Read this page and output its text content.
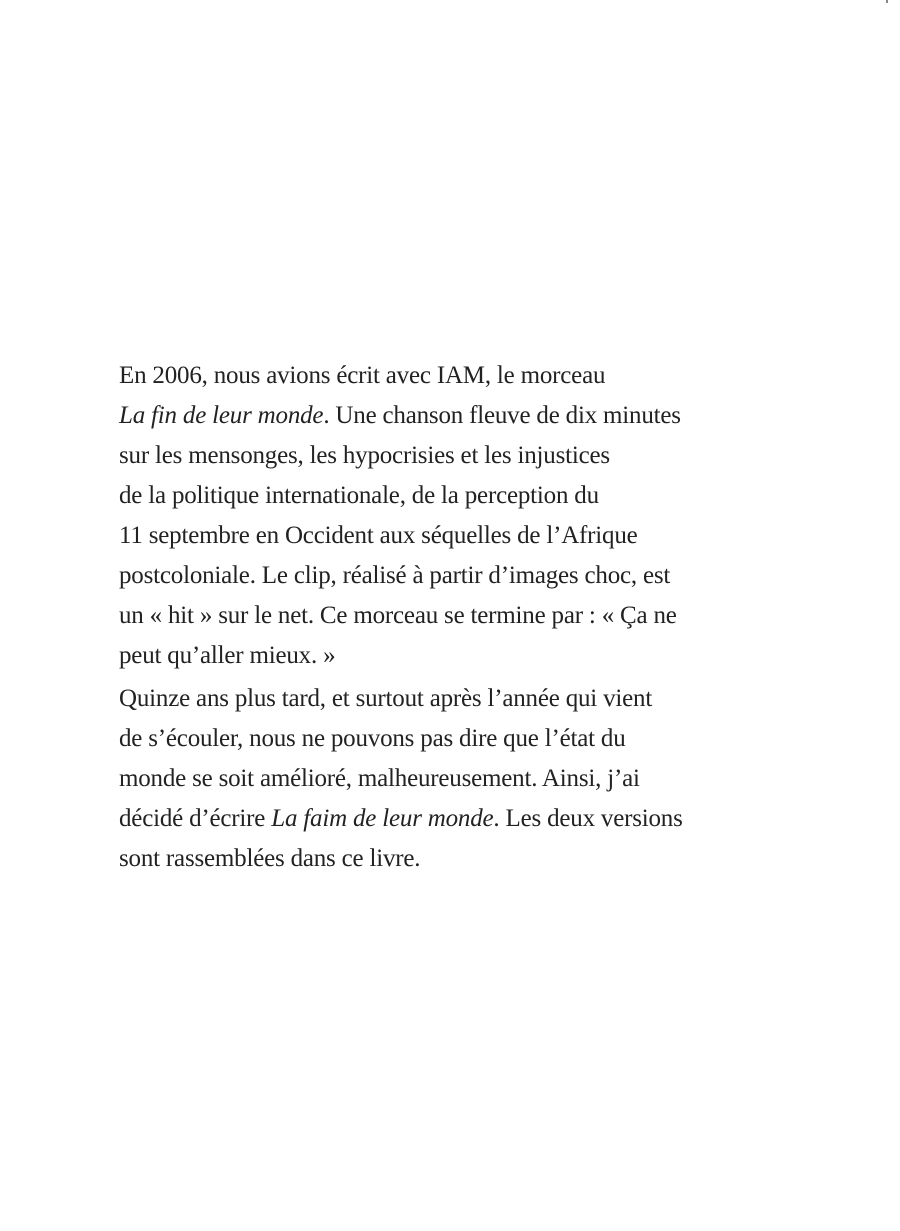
En 2006, nous avions écrit avec IAM, le morceau
La fin de leur monde. Une chanson fleuve de dix minutes
sur les mensonges, les hypocrisies et les injustices
de la politique internationale, de la perception du
11 septembre en Occident aux séquelles de l’Afrique
postcoloniale. Le clip, réalisé à partir d’images choc, est
un « hit » sur le net. Ce morceau se termine par : « Ça ne
peut qu’aller mieux. »

Quinze ans plus tard, et surtout après l’année qui vient
de s’écouler, nous ne pouvons pas dire que l’état du
monde se soit amélioré, malheureusement. Ainsi, j’ai
décidé d’écrire La faim de leur monde. Les deux versions
sont rassemblées dans ce livre.
